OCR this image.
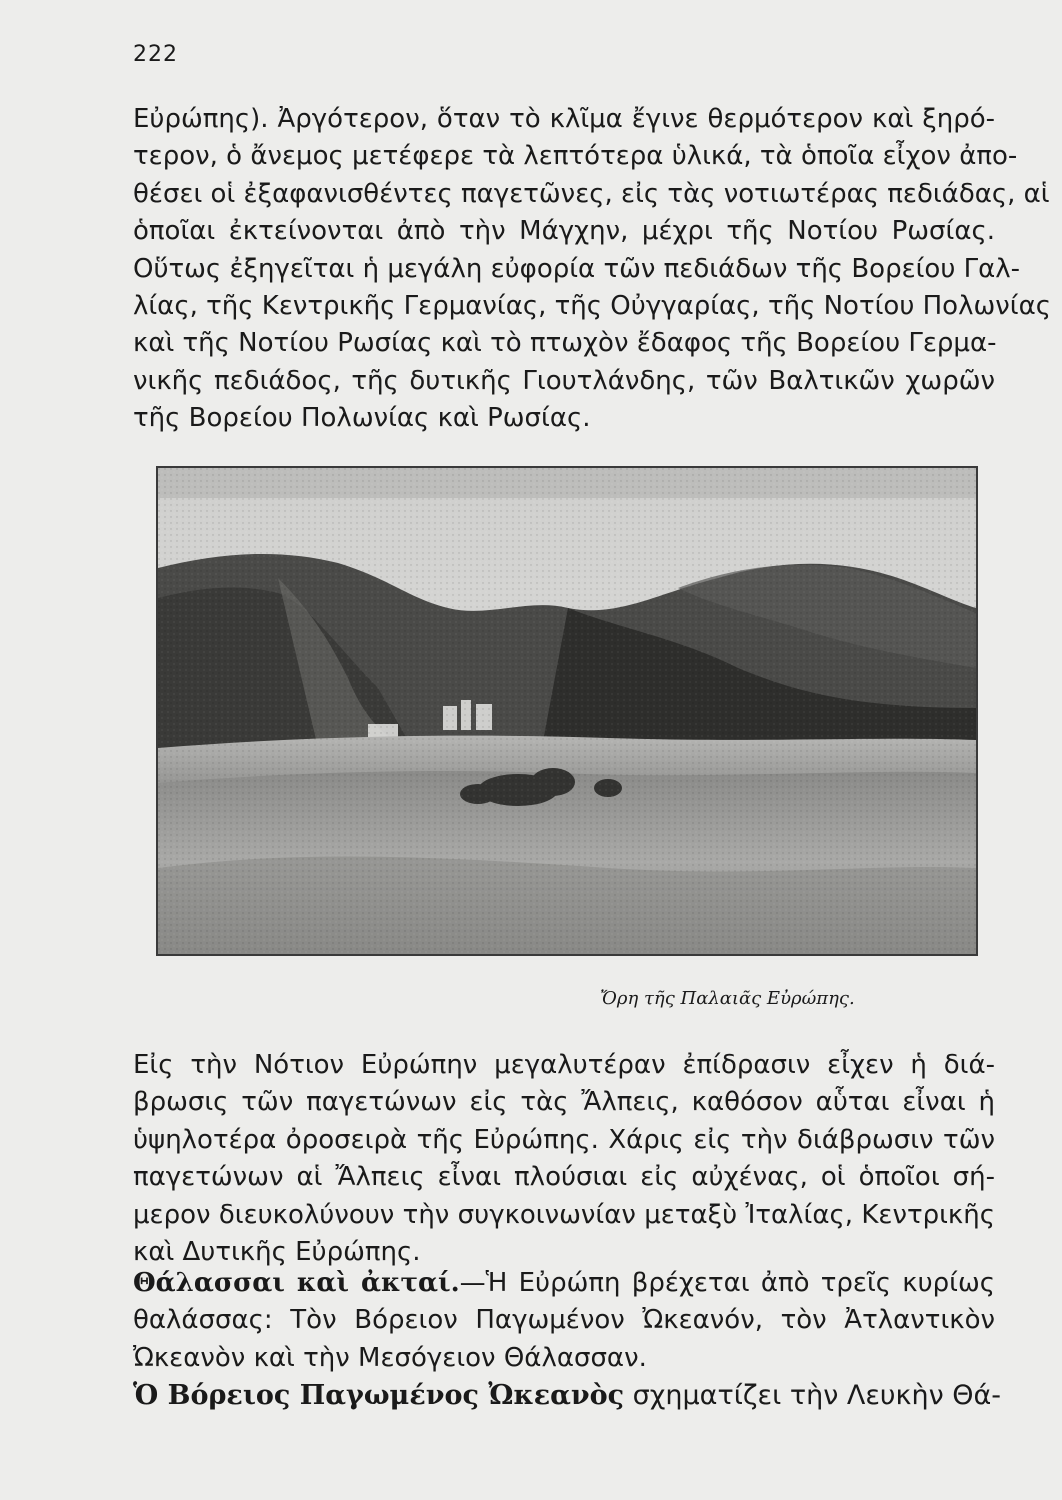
222
Εὐρώπης). Ἀργότερον, ὅταν τὸ κλῖμα ἔγινε θερμότερον καὶ ξηρό-
τερον, ὁ ἄνεμος μετέφερε τὰ λεπτότερα ὑλικά, τὰ ὁποῖα εἶχον ἀπο-
θέσει οἱ ἐξαφανισθέντες παγετῶνες, εἰς τὰς νοτιωτέρας πεδιάδας, αἱ
ὁποῖαι ἐκτείνονται ἀπὸ τὴν Μάγχην, μέχρι τῆς Νοτίου Ρωσίας.
Οὕτως ἐξηγεῖται ἡ μεγάλη εὐφορία τῶν πεδιάδων τῆς Βορείου Γαλ-
λίας, τῆς Κεντρικῆς Γερμανίας, τῆς Οὐγγαρίας, τῆς Νοτίου Πολωνίας
καὶ τῆς Νοτίου Ρωσίας καὶ τὸ πτωχὸν ἔδαφος τῆς Βορείου Γερμα-
νικῆς πεδιάδος, τῆς δυτικῆς Γιουτλάνδης, τῶν Βαλτικῶν χωρῶν
τῆς Βορείου Πολωνίας καὶ Ρωσίας.
Ὄρη τῆς Παλαιᾶς Εὐρώπης.
Εἰς τὴν Νότιον Εὐρώπην μεγαλυτέραν ἐπίδρασιν εἶχεν ἡ διά-
βρωσις τῶν παγετώνων εἰς τὰς Ἄλπεις, καθόσον αὗται εἶναι ἡ
ὑψηλοτέρα ὀροσειρὰ τῆς Εὐρώπης. Χάρις εἰς τὴν διάβρωσιν τῶν
παγετώνων αἱ Ἄλπεις εἶναι πλούσιαι εἰς αὐχένας, οἱ ὁποῖοι σή-
μερον διευκολύνουν τὴν συγκοινωνίαν μεταξὺ Ἰταλίας, Κεντρικῆς
καὶ Δυτικῆς Εὐρώπης.
Θάλασσαι καὶ ἀκταί.—Ἡ Εὐρώπη βρέχεται ἀπὸ τρεῖς κυρίως
θαλάσσας: Τὸν Βόρειον Παγωμένον Ὠκεανόν, τὸν Ἀτλαντικὸν
Ὠκεανὸν καὶ τὴν Μεσόγειον Θάλασσαν.
Ὁ Βόρειος Παγωμένος Ὠκεανὸς σχηματίζει τὴν Λευκὴν Θά-
